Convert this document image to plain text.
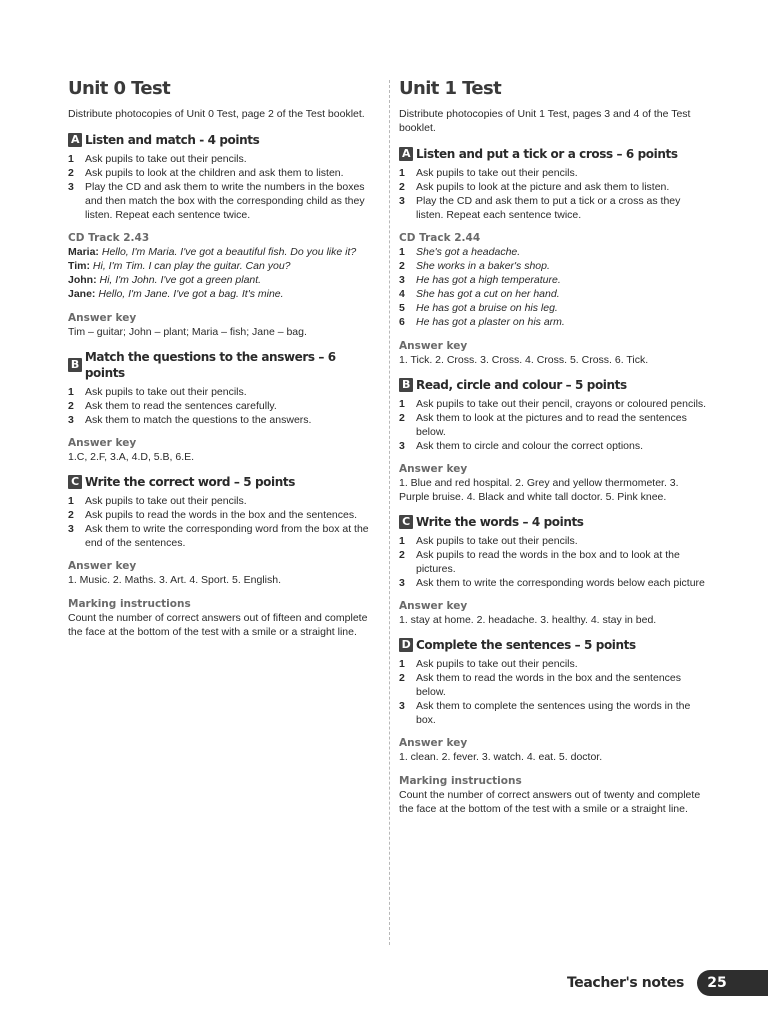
Unit 0 Test

Distribute photocopies of Unit 0 Test, page 2 of the Test booklet.

A Listen and match - 4 points
1 Ask pupils to take out their pencils.
2 Ask pupils to look at the children and ask them to listen.
3 Play the CD and ask them to write the numbers in the boxes and then match the box with the corresponding child as they listen. Repeat each sentence twice.

CD Track 2.43

Maria: Hello, I'm Maria. I've got a beautiful fish. Do you like it?
Tim: Hi, I'm Tim. I can play the guitar. Can you?
John: Hi, I'm John. I've got a green plant.
Jane: Hello, I'm Jane. I've got a bag. It's mine.

Answer key

Tim – guitar; John – plant; Maria – fish; Jane – bag.

B
Match the questions to the answers – 6 points
1 Ask pupils to take out their pencils.
2 Ask them to read the sentences carefully.
3 Ask them to match the questions to the answers.

Answer key

1.C, 2.F, 3.A, 4.D, 5.B, 6.E.

C Write the correct word – 5 points
1 Ask pupils to take out their pencils.
2 Ask pupils to read the words in the box and the sentences.
3 Ask them to write the corresponding word from the box at the end of the sentences.

Answer key

1. Music. 2. Maths. 3. Art. 4. Sport. 5. English.

Marking instructions

Count the number of correct answers out of fifteen and complete the face at the bottom of the test with a smile or a straight line.

Unit 1 Test

Distribute photocopies of Unit 1 Test, pages 3 and 4 of the Test booklet.

A Listen and put a tick or a cross – 6 points
1 Ask pupils to take out their pencils.
2 Ask pupils to look at the picture and ask them to listen.
3 Play the CD and ask them to put a tick or a cross as they listen. Repeat each sentence twice.

CD Track 2.44

1 She's got a headache.
2 She works in a baker's shop.
3 He has got a high temperature.
4 She has got a cut on her hand.
5 He has got a bruise on his leg.
6 He has got a plaster on his arm.

Answer key

1. Tick. 2. Cross. 3. Cross. 4. Cross. 5. Cross. 6. Tick.

B Read, circle and colour – 5 points
1 Ask pupils to take out their pencil, crayons or coloured pencils.
2 Ask them to look at the pictures and to read the sentences below.
3 Ask them to circle and colour the correct options.

Answer key

1. Blue and red hospital. 2. Grey and yellow thermometer. 3. Purple bruise. 4. Black and white tall doctor. 5. Pink knee.

C Write the words – 4 points
1 Ask pupils to take out their pencils.
2 Ask pupils to read the words in the box and to look at the pictures.
3 Ask them to write the corresponding words below each picture

Answer key

1. stay at home. 2. headache. 3. healthy. 4. stay in bed.

D Complete the sentences – 5 points
1 Ask pupils to take out their pencils.
2 Ask them to read the words in the box and the sentences below.
3 Ask them to complete the sentences using the words in the box.

Answer key

1. clean. 2. fever. 3. watch. 4. eat. 5. doctor.

Marking instructions

Count the number of correct answers out of twenty and complete the face at the bottom of the test with a smile or a straight line.

Teacher's notes	25
